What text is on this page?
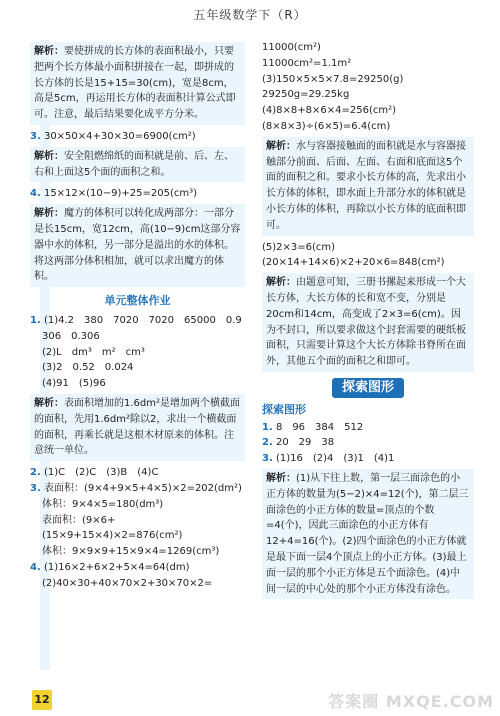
五年级数学下（R）

解析：要使拼成的长方体的表面积最小，只要把两个长方体最小面积拼接在一起，即拼成的长方体的长是15+15=30(cm)，宽是8cm，高是5cm，再运用长方体的表面积计算公式即可。注意，最后结果要化成平方分米。

3. 30×50×4+30×30=6900(cm²)

解析：安全阻燃绵纸的面积就是前、后、左、右和上面这5个面的面积之和。

4. 15×12×(10−9)+25=205(cm³)

解析：魔方的体积可以转化成两部分：一部分是长15cm，宽12cm，高(10−9)cm这部分容器中水的体积，另一部分是溢出的水的体积。将这两部分体积相加，就可以求出魔方的体积。

单元整体作业

1. (1)4.2　380　7020　7020　65000　0.9

306　0.306

(2)L　dm³　m²　cm³

(3)2　0.52　0.024

(4)91　(5)96

解析：表面积增加的1.6dm²是增加两个横截面的面积，先用1.6dm²除以2，求出一个横截面的面积，再乘长就是这根木材原来的体积。注意统一单位。

2. (1)C　(2)C　(3)B　(4)C

3. 表面积：(9×4+9×5+4×5)×2=202(dm²)

体积：9×4×5=180(dm³)

表面积：(9×6+(15×9+15×4)×2=876(cm²)

体积：9×9×9+15×9×4=1269(cm³)

4. (1)16×2+6×2+5×4=64(dm)

(2)40×30+40×70×2+30×70×2=

11000(cm²)

11000cm²=1.1m²

(3)150×5×5×7.8=29250(g)

29250g=29.25kg

(4)8×8+8×6×4=256(cm²)

(8×8×3)÷(6×5)=6.4(cm)

解析：水与容器接触面的面积就是水与容器接触部分前面、后面、左面、右面和底面这5个面的面积之和。要求小长方体的高，先求出小长方体的体积，即水面上升部分水的体积就是小长方体的体积，再除以小长方体的底面积即可。

(5)2×3=6(cm)

(20×14+14×6)×2+20×6=848(cm²)

解析：由题意可知，三册书摞起来形成一个大长方体，大长方体的长和宽不变，分别是20cm和14cm，高变成了2×3=6(cm)。因为不封口，所以要求做这个封套需要的硬纸板面积，只需要计算这个大长方体除书脊所在面外，其他五个面的面积之和即可。

探索图形
探索图形

1. 8　96　384　512

2. 20　29　38

3. (1)16　(2)4　(3)1　(4)1

解析：(1)从下往上数，第一层三面涂色的小正方体的数量为(5−2)×4=12(个)，第二层三面涂色的小正方体的数量=顶点的个数=4(个)，因此三面涂色的小正方体有12+4=16(个)。(2)四个面涂色的小正方体就是最下面一层4个顶点上的小正方体。(3)最上面一层的那个小正方体是五个面涂色。(4)中间一层的中心处的那个小正方体没有涂色。

12	答案圈 MXQE.COM
